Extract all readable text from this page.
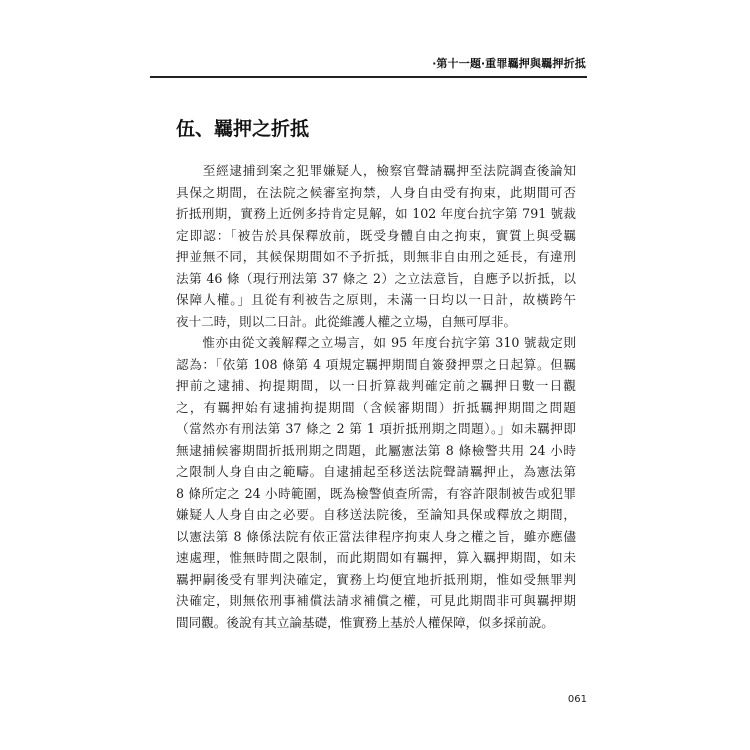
‧第十一題‧重罪羈押與羈押折抵
伍、羈押之折抵
　　至經逮捕到案之犯罪嫌疑人，檢察官聲請羈押至法院調查後論知
具保之期間，在法院之候審室拘禁，人身自由受有拘束，此期間可否
折抵刑期，實務上近例多持肯定見解，如 102 年度台抗字第 791 號裁
定即認：「被告於具保釋放前，既受身體自由之拘束，實質上與受羈
押並無不同，其候保期間如不予折抵，則無非自由刑之延長，有違刑
法第 46 條（現行刑法第 37 條之 2）之立法意旨，自應予以折抵，以
保障人權。」且從有利被告之原則，未滿一日均以一日計，故橫跨午
夜十二時，則以二日計。此從維護人權之立場，自無可厚非。
　　惟亦由從文義解釋之立場言，如 95 年度台抗字第 310 號裁定則
認為：「依第 108 條第 4 項規定羈押期間自簽發押票之日起算。但羈
押前之逮捕、拘提期間，以一日折算裁判確定前之羈押日數一日觀
之，有羈押始有逮捕拘提期間（含候審期間）折抵羈押期間之問題
（當然亦有刑法第 37 條之 2 第 1 項折抵刑期之問題）。」如未羈押即
無逮捕候審期間折抵刑期之問題，此屬憲法第 8 條檢警共用 24 小時
之限制人身自由之範疇。自逮捕起至移送法院聲請羈押止，為憲法第
8 條所定之 24 小時範圍，既為檢警偵查所需，有容許限制被告或犯罪
嫌疑人人身自由之必要。自移送法院後，至論知具保或釋放之期間，
以憲法第 8 條係法院有依正當法律程序拘束人身之權之旨，雖亦應儘
速處理，惟無時間之限制，而此期間如有羈押，算入羈押期間，如未
羈押嗣後受有罪判決確定，實務上均便宜地折抵刑期，惟如受無罪判
決確定，則無依刑事補償法請求補償之權，可見此期間非可與羈押期
間同觀。後說有其立論基礎，惟實務上基於人權保障，似多採前說。
061
